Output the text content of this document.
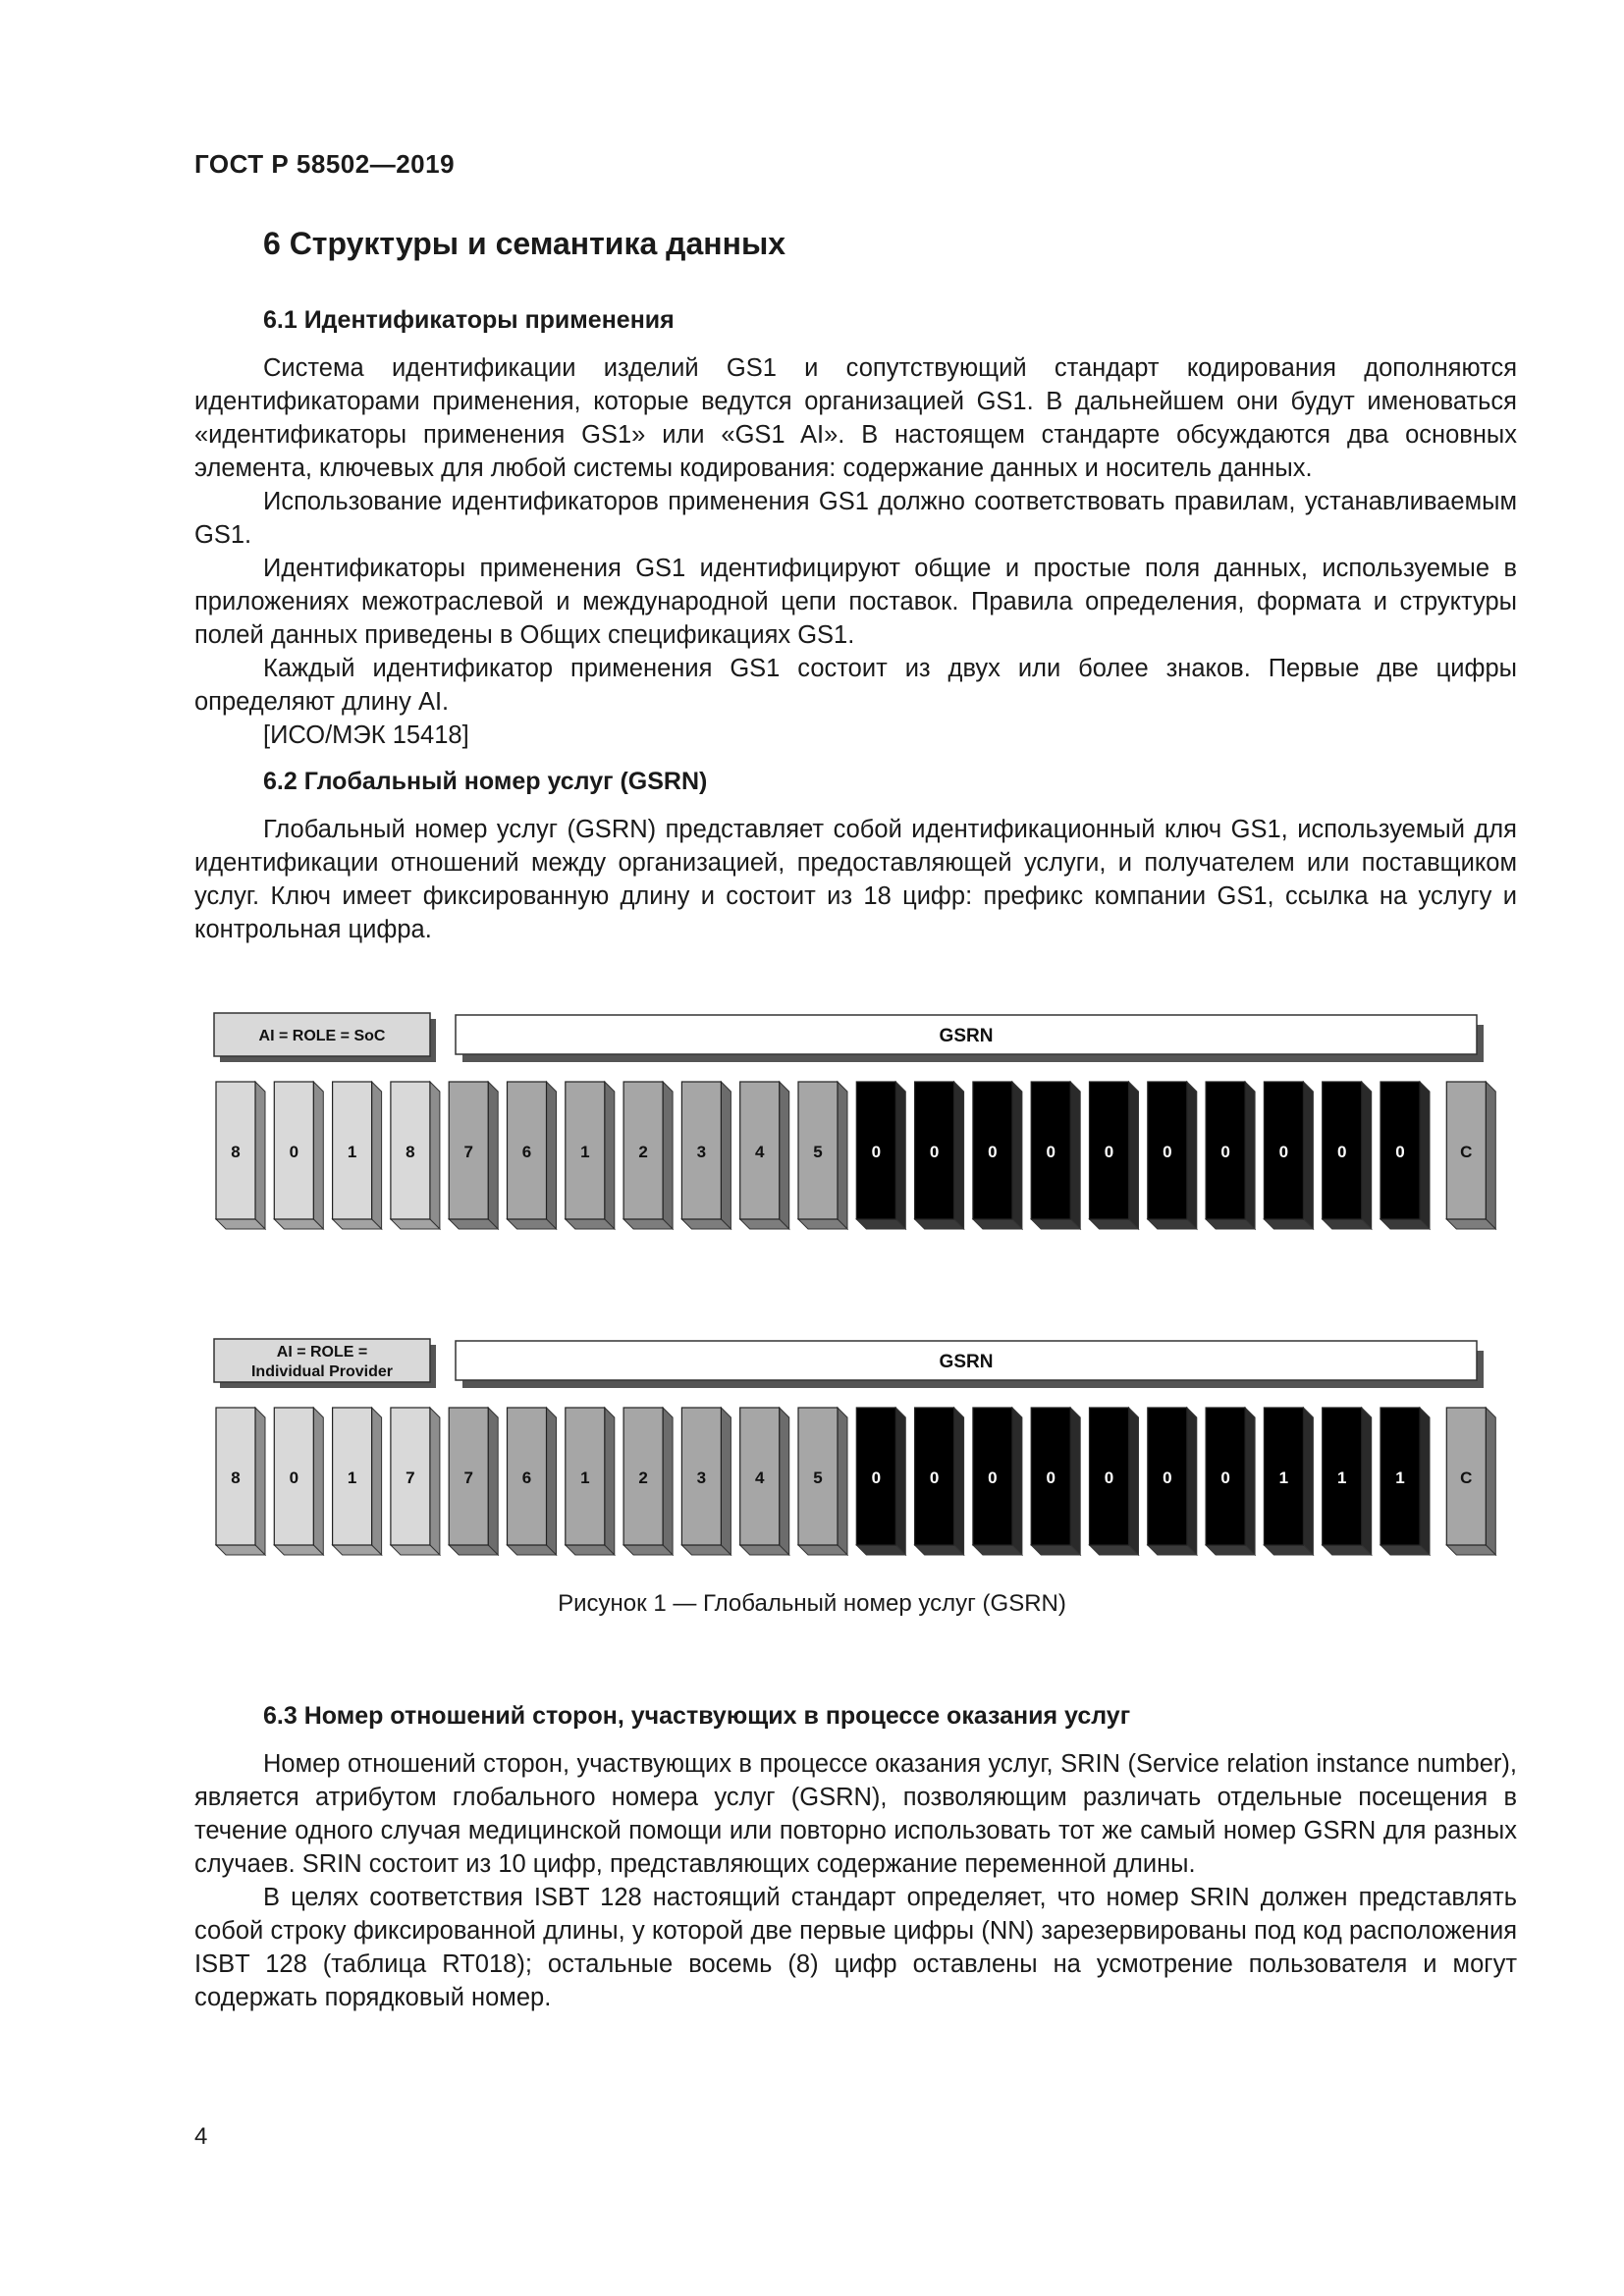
ГОСТ Р 58502—2019
6 Структуры и семантика данных
6.1 Идентификаторы применения

Система идентификации изделий GS1 и сопутствующий стандарт кодирования дополняются идентификаторами применения, которые ведутся организацией GS1. В дальнейшем они будут именоваться «идентификаторы применения GS1» или «GS1 AI». В настоящем стандарте обсуждаются два основных элемента, ключевых для любой системы кодирования: содержание данных и носитель данных.

Использование идентификаторов применения GS1 должно соответствовать правилам, устанавливаемым GS1.

Идентификаторы применения GS1 идентифицируют общие и простые поля данных, используемые в приложениях межотраслевой и международной цепи поставок. Правила определения, формата и структуры полей данных приведены в Общих спецификациях GS1.

Каждый идентификатор применения GS1 состоит из двух или более знаков. Первые две цифры определяют длину AI.

[ИСО/МЭК 15418]

6.2 Глобальный номер услуг (GSRN)

Глобальный номер услуг (GSRN) представляет собой идентификационный ключ GS1, используемый для идентификации отношений между организацией, предоставляющей услуги, и получателем или поставщиком услуг. Ключ имеет фиксированную длину и состоит из 18 цифр: префикс компании GS1, ссылка на услугу и контрольная цифра.

AI = ROLE = SoC	GSRN
8	0	1	8	7	6	1	2	3	4	5	0	0	0	0	0	0	0	0	0	0	C
AI = ROLE =
Individual Provider	GSRN
8	0	1	7	7	6	1	2	3	4	5	0	0	0	0	0	0	0	1	1	1	C
Рисунок 1 — Глобальный номер услуг (GSRN)
6.3 Номер отношений сторон, участвующих в процессе оказания услуг

Номер отношений сторон, участвующих в процессе оказания услуг, SRIN (Service relation instance number), является атрибутом глобального номера услуг (GSRN), позволяющим различать отдельные посещения в течение одного случая медицинской помощи или повторно использовать тот же самый номер GSRN для разных случаев. SRIN состоит из 10 цифр, представляющих содержание переменной длины.

В целях соответствия ISBT 128 настоящий стандарт определяет, что номер SRIN должен представлять собой строку фиксированной длины, у которой две первые цифры (NN) зарезервированы под код расположения ISBT 128 (таблица RT018); остальные восемь (8) цифр оставлены на усмотрение пользователя и могут содержать порядковый номер.

4
